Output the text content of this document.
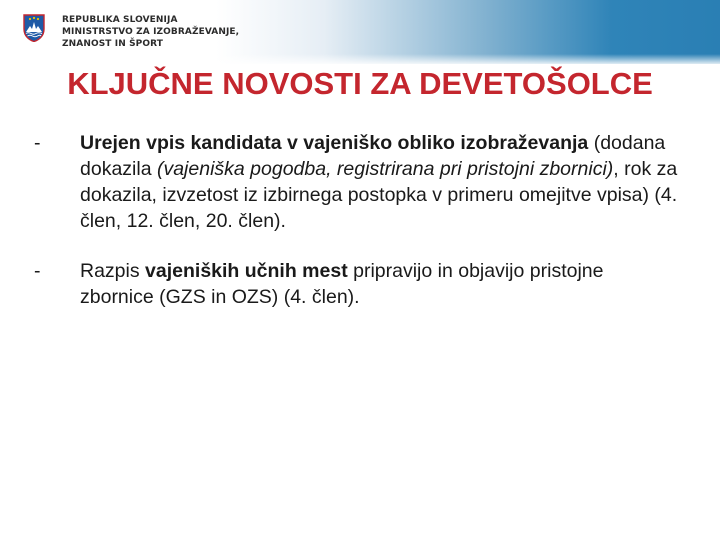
REPUBLIKA SLOVENIJA
MINISTRSTVO ZA IZOBRAŽEVANJE,
ZNANOST IN ŠPORT
KLJUČNE NOVOSTI ZA DEVETOŠOLCE
- Urejen vpis kandidata v vajeniško obliko izobraževanja (dodana dokazila (vajeniška pogodba, registrirana pri pristojni zbornici), rok za dokazila, izvzetost iz izbirnega postopka v primeru omejitve vpisa) (4. člen, 12. člen, 20. člen).
- Razpis vajeniških učnih mest pripravijo in objavijo pristojne zbornice (GZS in OZS) (4. člen).
